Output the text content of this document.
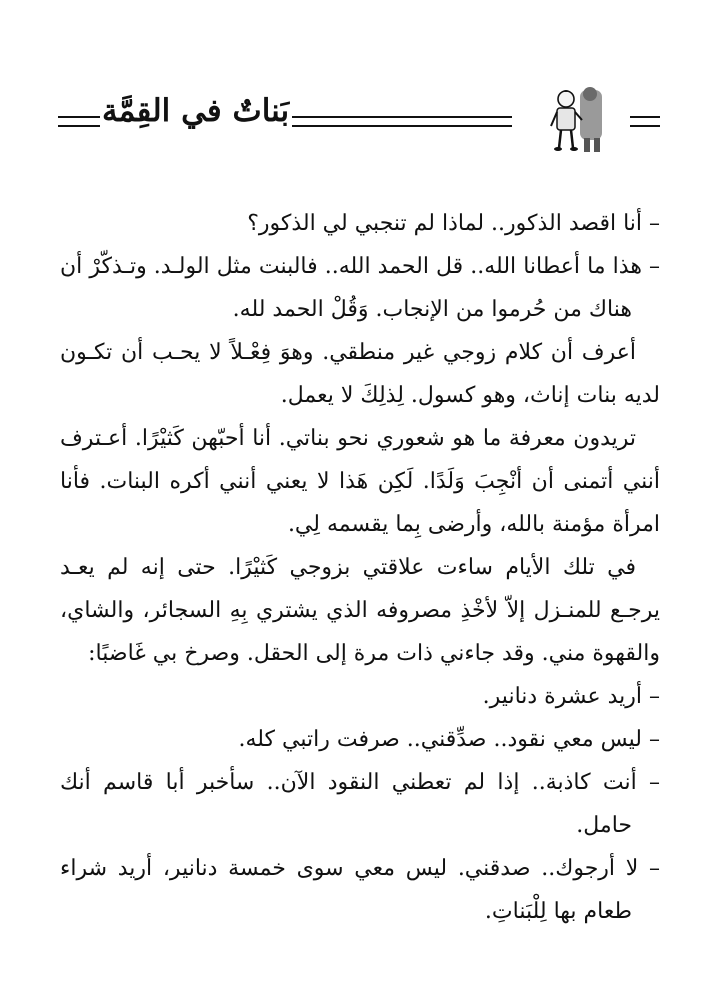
بَناتٌ في القِمَّة

– أنا اقصد الذكور.. لماذا لم تنجبي لي الذكور؟

– هذا ما أعطانا الله.. قل الحمد الله.. فالبنت مثل الولـد. وتـذكّرْ أن هناك من حُرموا من الإنجاب. وَقُلْ الحمد لله.

أعرف أن كلام زوجي غير منطقي. وهوَ فِعْـلاً لا يحـب أن تكـون لديه بنات إناث، وهو كسول. لِذلِكَ لا يعمل.

تريدون معرفة ما هو شعوري نحو بناتي. أنا أحبّهن كَثيْرًا. أعـترف أنني أتمنى أن أنْجِبَ وَلَدًا. لَكِن هَذا لا يعني أنني أكره البنات. فأنا امرأة مؤمنة بالله، وأرضى بِما يقسمه لِي.

في تلك الأيام ساءت علاقتي بزوجي كَثيْرًا. حتى إنه لم يعـد يرجـع للمنـزل إلاّ لأخْذِ مصروفه الذي يشتري بِهِ السجائر، والشاي، والقهوة مني. وقد جاءني ذات مرة إلى الحقل. وصرخ بي غَاضبًا:

– أريد عشرة دنانير.

– ليس معي نقود.. صدِّقني.. صرفت راتبي كله.

– أنت كاذبة.. إذا لم تعطني النقود الآن.. سأخبر أبا قاسم أنك حامل.

– لا أرجوك.. صدقني. ليس معي سوى خمسة دنانير، أريد شراء طعام بها لِلْبَناتِ.
